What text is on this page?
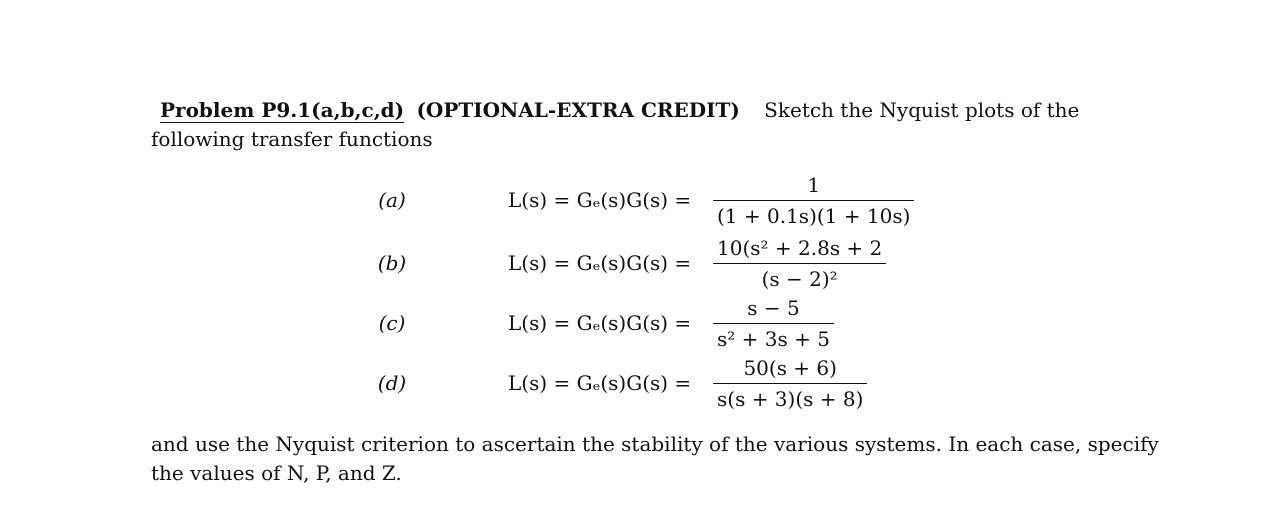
Problem P9.1(a,b,c,d) (OPTIONAL-EXTRA CREDIT) Sketch the Nyquist plots of the
following transfer functions
(a)	L(s) = Gₑ(s)G(s) =
1
(1 + 0.1s)(1 + 10s)
(b)	L(s) = Gₑ(s)G(s) =
10(s² + 2.8s + 2
(s − 2)²
(c)	L(s) = Gₑ(s)G(s) =
s − 5
s² + 3s + 5
(d)	L(s) = Gₑ(s)G(s) =
50(s + 6)
s(s + 3)(s + 8)
and use the Nyquist criterion to ascertain the stability of the various systems. In each case, specify
the values of N, P, and Z.
